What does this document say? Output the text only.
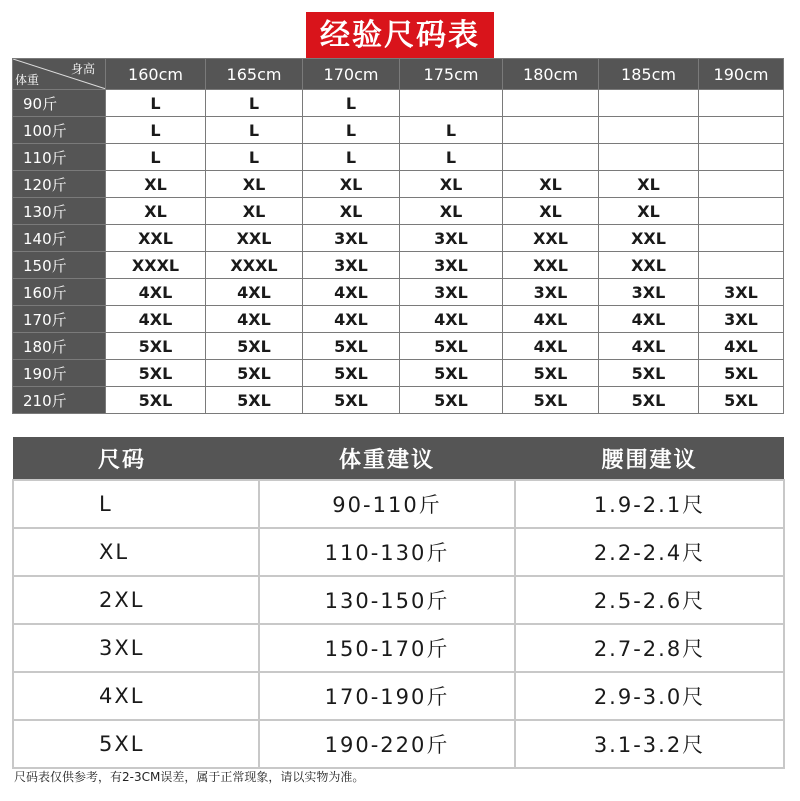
经验尺码表
身高
体重	160cm	165cm	170cm	175cm	180cm	185cm	190cm
90斤	L	L	L				
100斤	L	L	L	L			
110斤	L	L	L	L			
120斤	XL	XL	XL	XL	XL	XL	
130斤	XL	XL	XL	XL	XL	XL	
140斤	XXL	XXL	3XL	3XL	XXL	XXL	
150斤	XXXL	XXXL	3XL	3XL	XXL	XXL	
160斤	4XL	4XL	4XL	3XL	3XL	3XL	3XL
170斤	4XL	4XL	4XL	4XL	4XL	4XL	3XL
180斤	5XL	5XL	5XL	5XL	4XL	4XL	4XL
190斤	5XL	5XL	5XL	5XL	5XL	5XL	5XL
210斤	5XL	5XL	5XL	5XL	5XL	5XL	5XL
尺码	体重建议	腰围建议
L	90-110斤	1.9-2.1尺
XL	110-130斤	2.2-2.4尺
2XL	130-150斤	2.5-2.6尺
3XL	150-170斤	2.7-2.8尺
4XL	170-190斤	2.9-3.0尺
5XL	190-220斤	3.1-3.2尺
尺码表仅供参考，有2-3CM误差，属于正常现象，请以实物为准。
